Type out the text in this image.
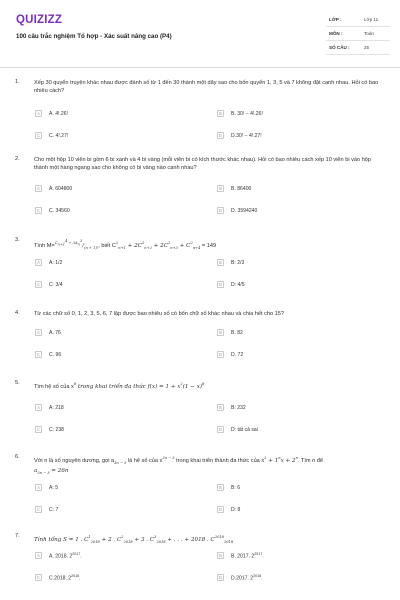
QUIZIZZ
100 câu trắc nghiệm Tổ hợp - Xác suất nâng cao (P4)
LỚP :	Lớp 11
MÔN :	Toán
SỐ CÂU :	25
1.	Xếp 30 quyển truyện khác nhau được đánh số từ 1 đến 30 thành một dãy sao cho bốn quyển 1, 3, 5 và 7 không đặt cạnh nhau. Hỏi có bao nhiêu cách?
A	A. 4!.26!	B	B. 30! − 4!.26!
C	C. 4!.27!	D	D.30! − 4!.27!
2.	Cho một hộp 10 viên bi gồm 6 bi xanh và 4 bi vàng (mỗi viên bi có kích thước khác nhau). Hỏi có bao nhiêu cách xếp 10 viên bi vào hộp thành một hàng ngang sao cho không có bi vàng nào cạnh nhau?
A	A. 604800	B	B. 86400
C	C. 34560	D	D. 3594240
3.
Tính $M=^{C_{n+1}^4 + 3A_n^3}/_{(n + 1)!}$, biết $C^2_{n+1} + 2C^2_{n+2} + 2C^2_{n+3} + C^2_{n+4} = 149$
A	A: 1/2	B	B: 2/3
C	C: 3/4	D	D: 4/5
4.	Từ các chữ số 0, 1, 2, 3, 5, 6, 7 lập được bao nhiêu số có bốn chữ số khác nhau và chia hết cho 15?
A	A. 76	B	B. 82
C	C. 96	D	D. 72
5.
Tìm hệ số của $x^8$ trong khai triển đa thức $f(x) = 1 + x^2(1 - x)^8$
A	A: 218	B	B: 232
C	C: 238	D	D: tất cả sai
6.
Với n là số nguyên dương, gọi $a_{3n - 3}$ là hệ số của $x^{3n - 3}$ trong khai triển thành đa thức của $x^2 + 1^nx + 2^n$. Tìm n để
$a_{3n - 3} = 26n$
A	A: 5	B	B: 6
C	C: 7	D	D: 8
7.
Tính tổng S = 1 . $C^1_{2018} + 2$ . $C^2_{2018} + 3$ . $C^3_{2018}$ + . . . + 2018 . $C^{2018}_{2018}$
A	A. 2018. $2^{2017}$.	B	B. 2017. $2^{2017}$.
C	C.2018. $2^{2018}$.	D	D.2017. $2^{2018}$.
